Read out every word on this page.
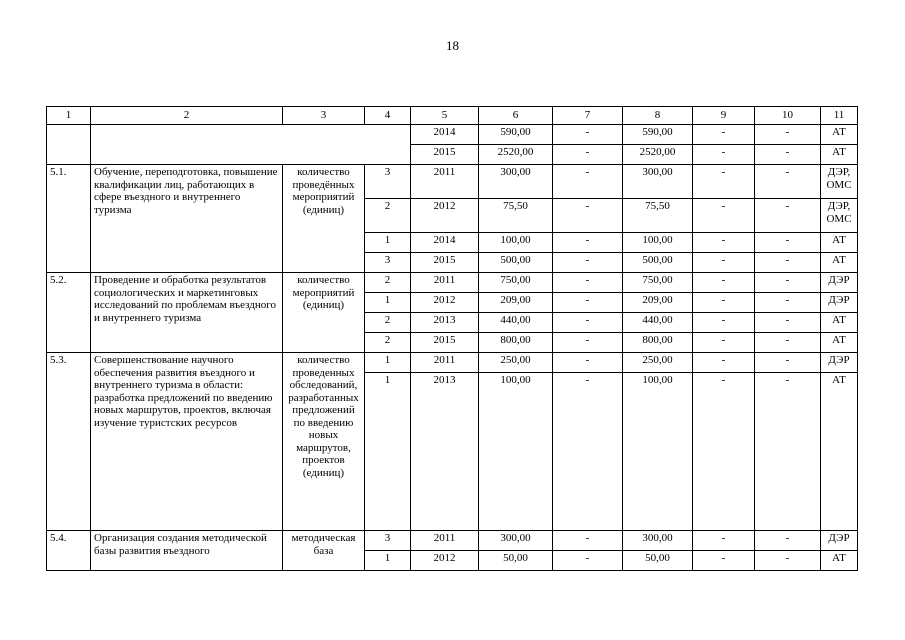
18
1	2	3	4	5	6	7	8	9	10	11
				2014	590,00	-	590,00	-	-	АТ
				2015	2520,00	-	2520,00	-	-	АТ
5.1.	Обучение, переподготовка, повышение квалификации лиц, работающих в сфере въездного и внутреннего туризма	количество проведённых мероприятий (единиц)	3	2011	300,00	-	300,00	-	-	ДЭР, ОМС
			2	2012	75,50	-	75,50	-	-	ДЭР, ОМС
			1	2014	100,00	-	100,00	-	-	АТ
			3	2015	500,00	-	500,00	-	-	АТ
5.2.	Проведение и обработка результатов социологических и маркетинговых исследований по проблемам въездного и внутреннего туризма	количество мероприятий (единиц)	2	2011	750,00	-	750,00	-	-	ДЭР
			1	2012	209,00	-	209,00	-	-	ДЭР
			2	2013	440,00	-	440,00	-	-	АТ
			2	2015	800,00	-	800,00	-	-	АТ
5.3.	Совершенствование научного обеспечения развития въездного и внутреннего туризма в области: разработка предложений по введению новых маршрутов, проектов, включая изучение туристских ресурсов	количество проведенных обследований, разработанных предложений по введению новых маршрутов, проектов (единиц)	1	2011	250,00	-	250,00	-	-	ДЭР
			1	2013	100,00	-	100,00	-	-	АТ
5.4.	Организация создания методической базы развития въездного	методическая база	3	2011	300,00	-	300,00	-	-	ДЭР
			1	2012	50,00	-	50,00	-	-	АТ
